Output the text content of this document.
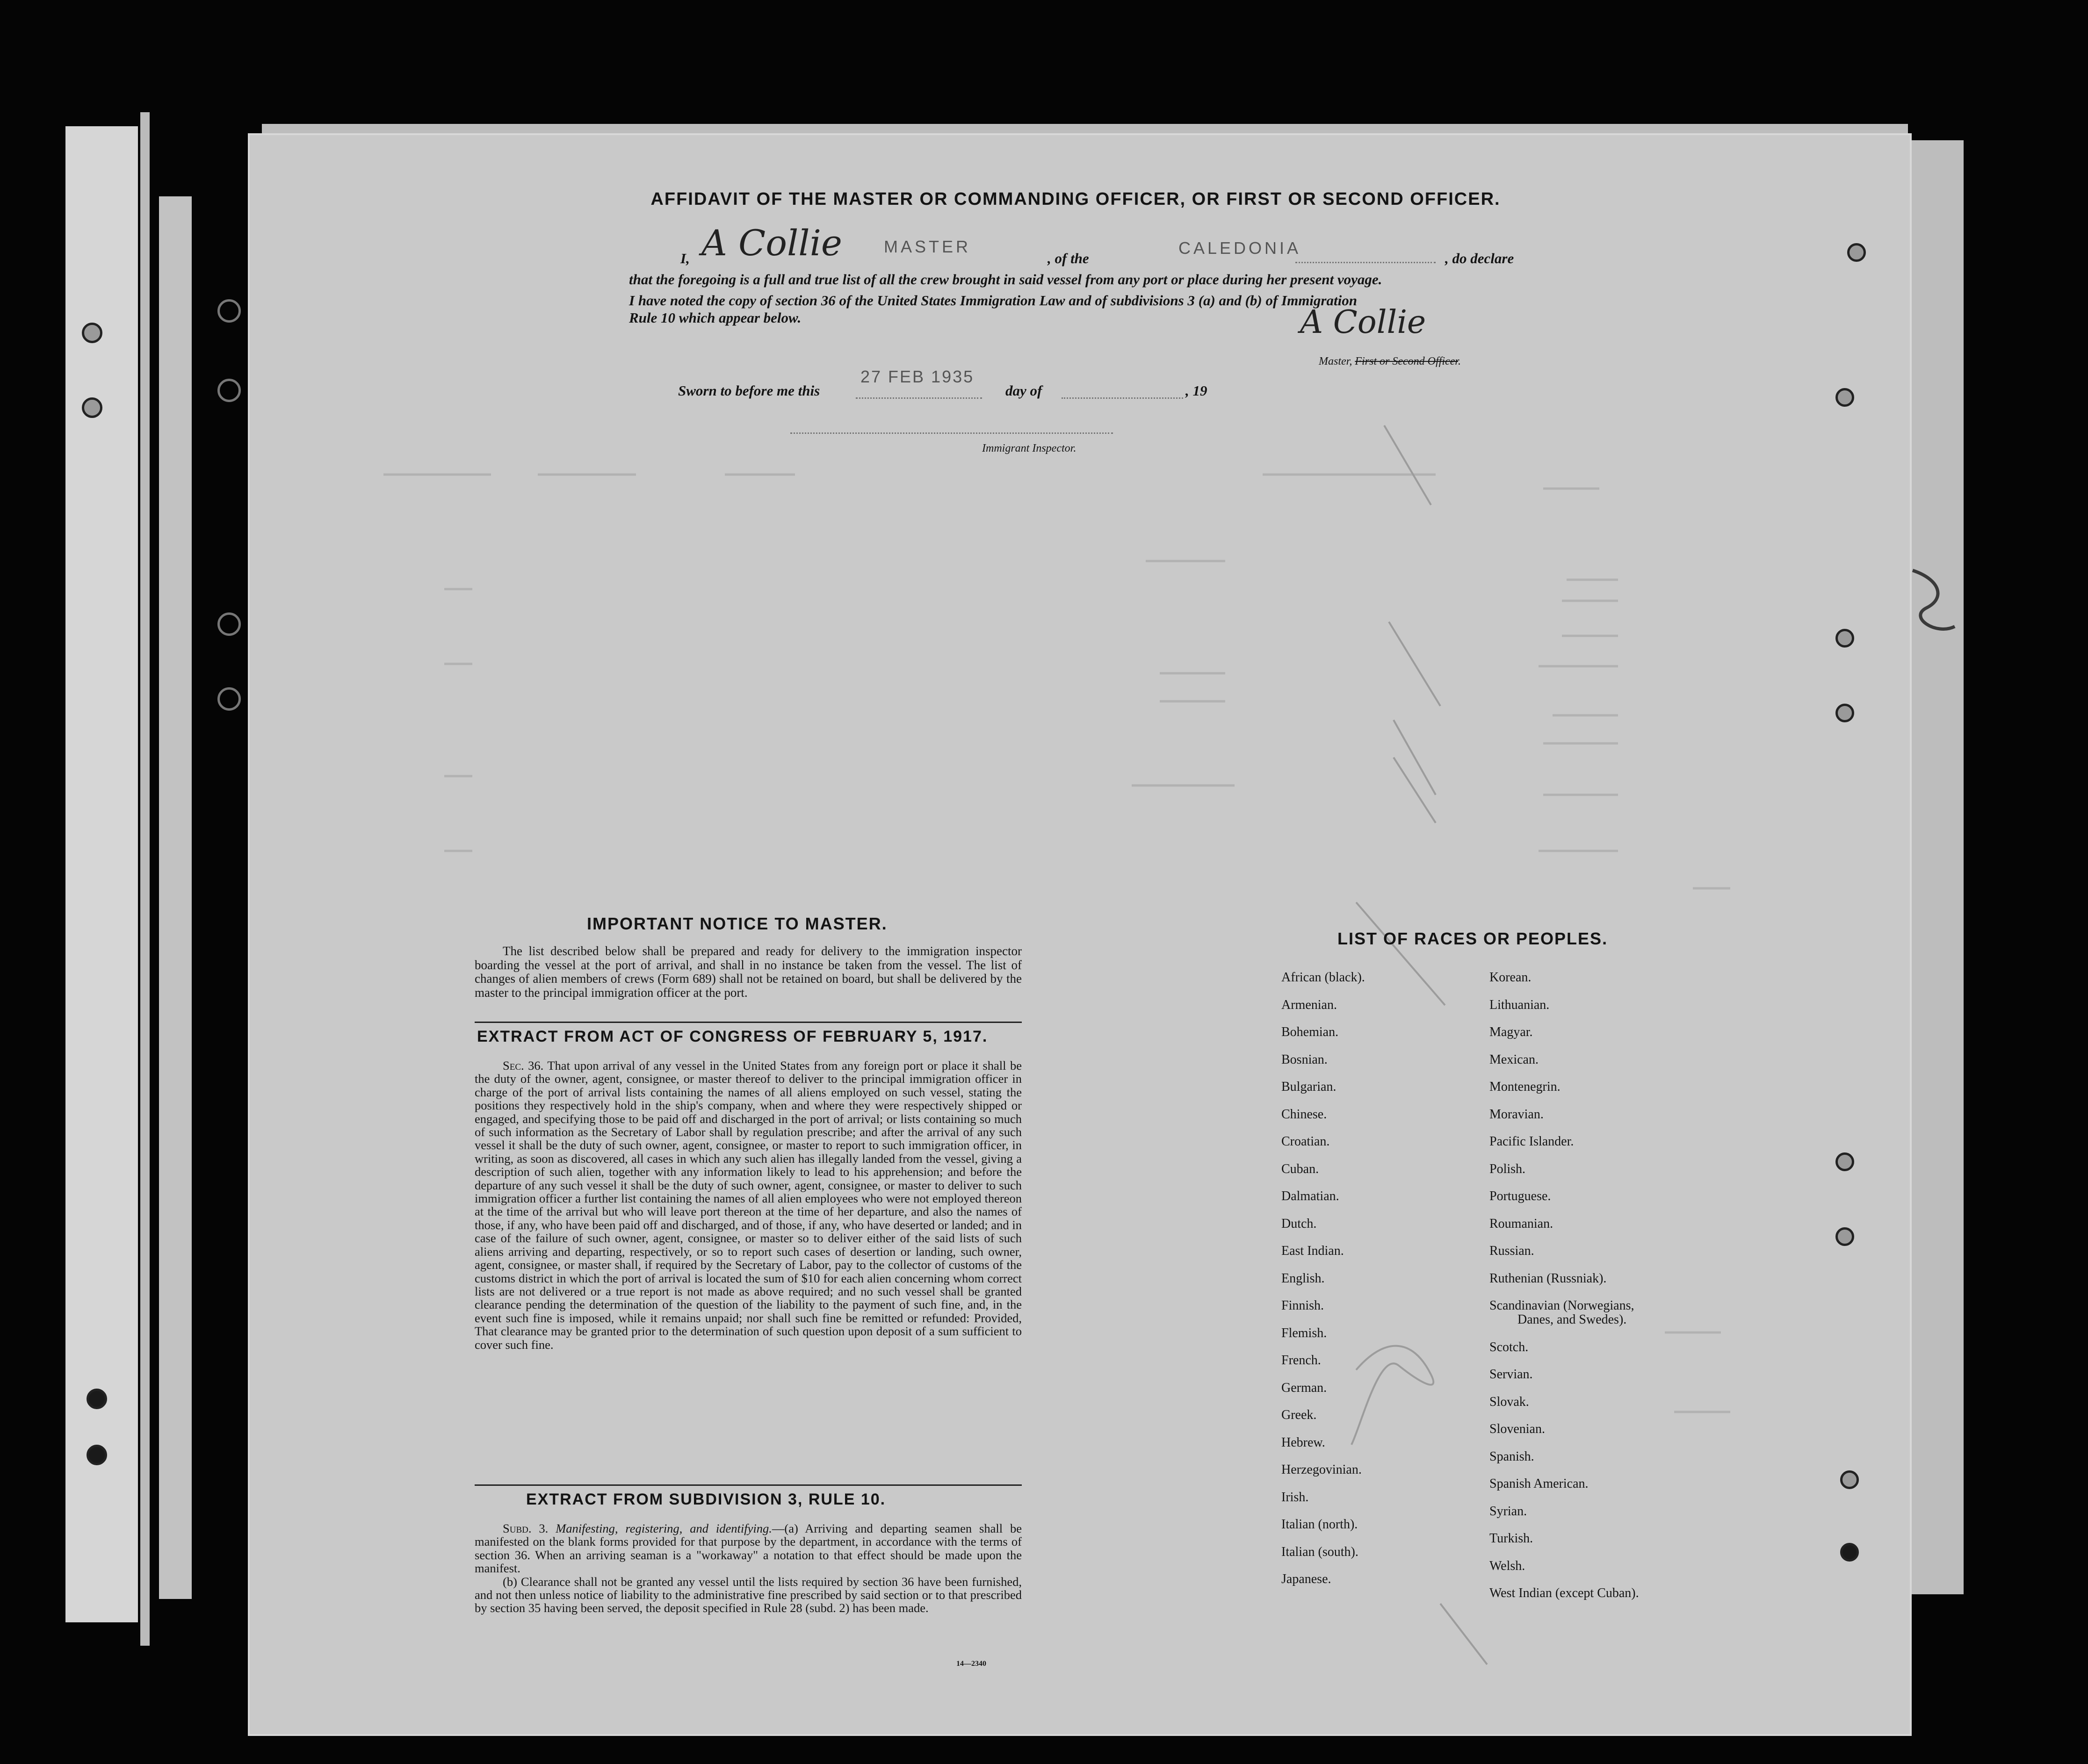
AFFIDAVIT OF THE MASTER OR COMMANDING OFFICER, OR FIRST OR SECOND OFFICER.
I, A Collie MASTER
, of the
CALEDONIA
, do declare
that the foregoing is a full and true list of all the crew brought in said vessel from any port or place during her present voyage.
I have noted the copy of section 36 of the United States Immigration Law and of subdivisions 3 (a) and (b) of Immigration
Rule 10 which appear below.	A Collie
Master, First or Second Officer.
Sworn to before me this
27 FEB 1935
day of	, 19
Immigrant Inspector.
IMPORTANT NOTICE TO MASTER.

The list described below shall be prepared and ready for delivery to the immigration inspector boarding the vessel at the port of arrival, and shall in no instance be taken from the vessel. The list of changes of alien members of crews (Form 689) shall not be retained on board, but shall be delivered by the master to the principal immigration officer at the port.

EXTRACT FROM ACT OF CONGRESS OF FEBRUARY 5, 1917.

Sec. 36. That upon arrival of any vessel in the United States from any foreign port or place it shall be the duty of the owner, agent, consignee, or master thereof to deliver to the principal immigration officer in charge of the port of arrival lists containing the names of all aliens employed on such vessel, stating the positions they respectively hold in the ship's company, when and where they were respectively shipped or engaged, and specifying those to be paid off and discharged in the port of arrival; or lists containing so much of such information as the Secretary of Labor shall by regulation prescribe; and after the arrival of any such vessel it shall be the duty of such owner, agent, consignee, or master to report to such immigration officer, in writing, as soon as discovered, all cases in which any such alien has illegally landed from the vessel, giving a description of such alien, together with any information likely to lead to his apprehension; and before the departure of any such vessel it shall be the duty of such owner, agent, consignee, or master to deliver to such immigration officer a further list containing the names of all alien employees who were not employed thereon at the time of the arrival but who will leave port thereon at the time of her departure, and also the names of those, if any, who have been paid off and discharged, and of those, if any, who have deserted or landed; and in case of the failure of such owner, agent, consignee, or master so to deliver either of the said lists of such aliens arriving and departing, respectively, or so to report such cases of desertion or landing, such owner, agent, consignee, or master shall, if required by the Secretary of Labor, pay to the collector of customs of the customs district in which the port of arrival is located the sum of $10 for each alien concerning whom correct lists are not delivered or a true report is not made as above required; and no such vessel shall be granted clearance pending the determination of the question of the liability to the payment of such fine, and, in the event such fine is imposed, while it remains unpaid; nor shall such fine be remitted or refunded: Provided, That clearance may be granted prior to the determination of such question upon deposit of a sum sufficient to cover such fine.

EXTRACT FROM SUBDIVISION 3, RULE 10.

Subd. 3. Manifesting, registering, and identifying.—(a) Arriving and departing seamen shall be manifested on the blank forms provided for that purpose by the department, in accordance with the terms of section 36. When an arriving seaman is a "workaway" a notation to that effect should be made upon the manifest.

(b) Clearance shall not be granted any vessel until the lists required by section 36 have been furnished, and not then unless notice of liability to the administrative fine prescribed by said section or to that prescribed by section 35 having been served, the deposit specified in Rule 28 (subd. 2) has been made.

14—2340
LIST OF RACES OR PEOPLES.
African (black).
Armenian.
Bohemian.
Bosnian.
Bulgarian.
Chinese.
Croatian.
Cuban.
Dalmatian.
Dutch.
East Indian.
English.
Finnish.
Flemish.
French.
German.
Greek.
Hebrew.
Herzegovinian.
Irish.
Italian (north).
Italian (south).
Japanese.
Korean.
Lithuanian.
Magyar.
Mexican.
Montenegrin.
Moravian.
Pacific Islander.
Polish.
Portuguese.
Roumanian.
Russian.
Ruthenian (Russniak).
Scandinavian (Norwegians,
Danes, and Swedes).
Scotch.
Servian.
Slovak.
Slovenian.
Spanish.
Spanish American.
Syrian.
Turkish.
Welsh.
West Indian (except Cuban).
